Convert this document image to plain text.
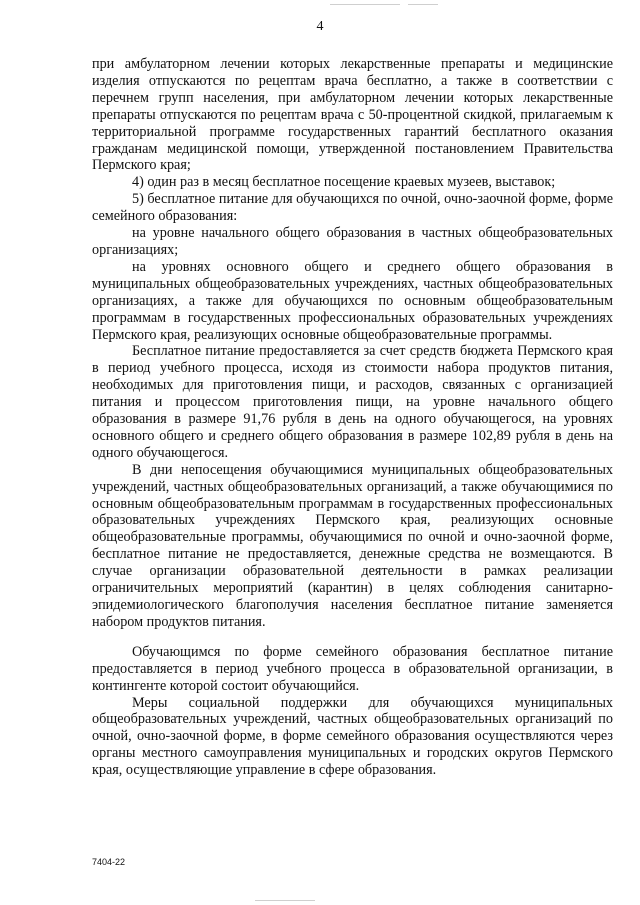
4

при амбулаторном лечении которых лекарственные препараты и медицинские изделия отпускаются по рецептам врача бесплатно, а также в соответствии с перечнем групп населения, при амбулаторном лечении которых лекарственные препараты отпускаются по рецептам врача с 50-процентной скидкой, прилагаемым к территориальной программе государственных гарантий бесплатного оказания гражданам медицинской помощи, утвержденной постановлением Правительства Пермского края;

4) один раз в месяц бесплатное посещение краевых музеев, выставок;

5) бесплатное питание для обучающихся по очной, очно-заочной форме, форме семейного образования:

на уровне начального общего образования в частных общеобразовательных организациях;

на уровнях основного общего и среднего общего образования в муниципальных общеобразовательных учреждениях, частных общеобразовательных организациях, а также для обучающихся по основным общеобразовательным программам в государственных профессиональных образовательных учреждениях Пермского края, реализующих основные общеобразовательные программы.

Бесплатное питание предоставляется за счет средств бюджета Пермского края в период учебного процесса, исходя из стоимости набора продуктов питания, необходимых для приготовления пищи, и расходов, связанных с организацией питания и процессом приготовления пищи, на уровне начального общего образования в размере 91,76 рубля в день на одного обучающегося, на уровнях основного общего и среднего общего образования в размере 102,89 рубля в день на одного обучающегося.

В дни непосещения обучающимися муниципальных общеобразовательных учреждений, частных общеобразовательных организаций, а также обучающимися по основным общеобразовательным программам в государственных профессиональных образовательных учреждениях Пермского края, реализующих основные общеобразовательные программы, обучающимися по очной и очно-заочной форме, бесплатное питание не предоставляется, денежные средства не возмещаются. В случае организации образовательной деятельности в рамках реализации ограничительных мероприятий (карантин) в целях соблюдения санитарно-эпидемиологического благополучия населения бесплатное питание заменяется набором продуктов питания.

Обучающимся по форме семейного образования бесплатное питание предоставляется в период учебного процесса в образовательной организации, в контингенте которой состоит обучающийся.

Меры социальной поддержки для обучающихся муниципальных общеобразовательных учреждений, частных общеобразовательных организаций по очной, очно-заочной форме, в форме семейного образования осуществляются через органы местного самоуправления муниципальных и городских округов Пермского края, осуществляющие управление в сфере образования.

7404-22
